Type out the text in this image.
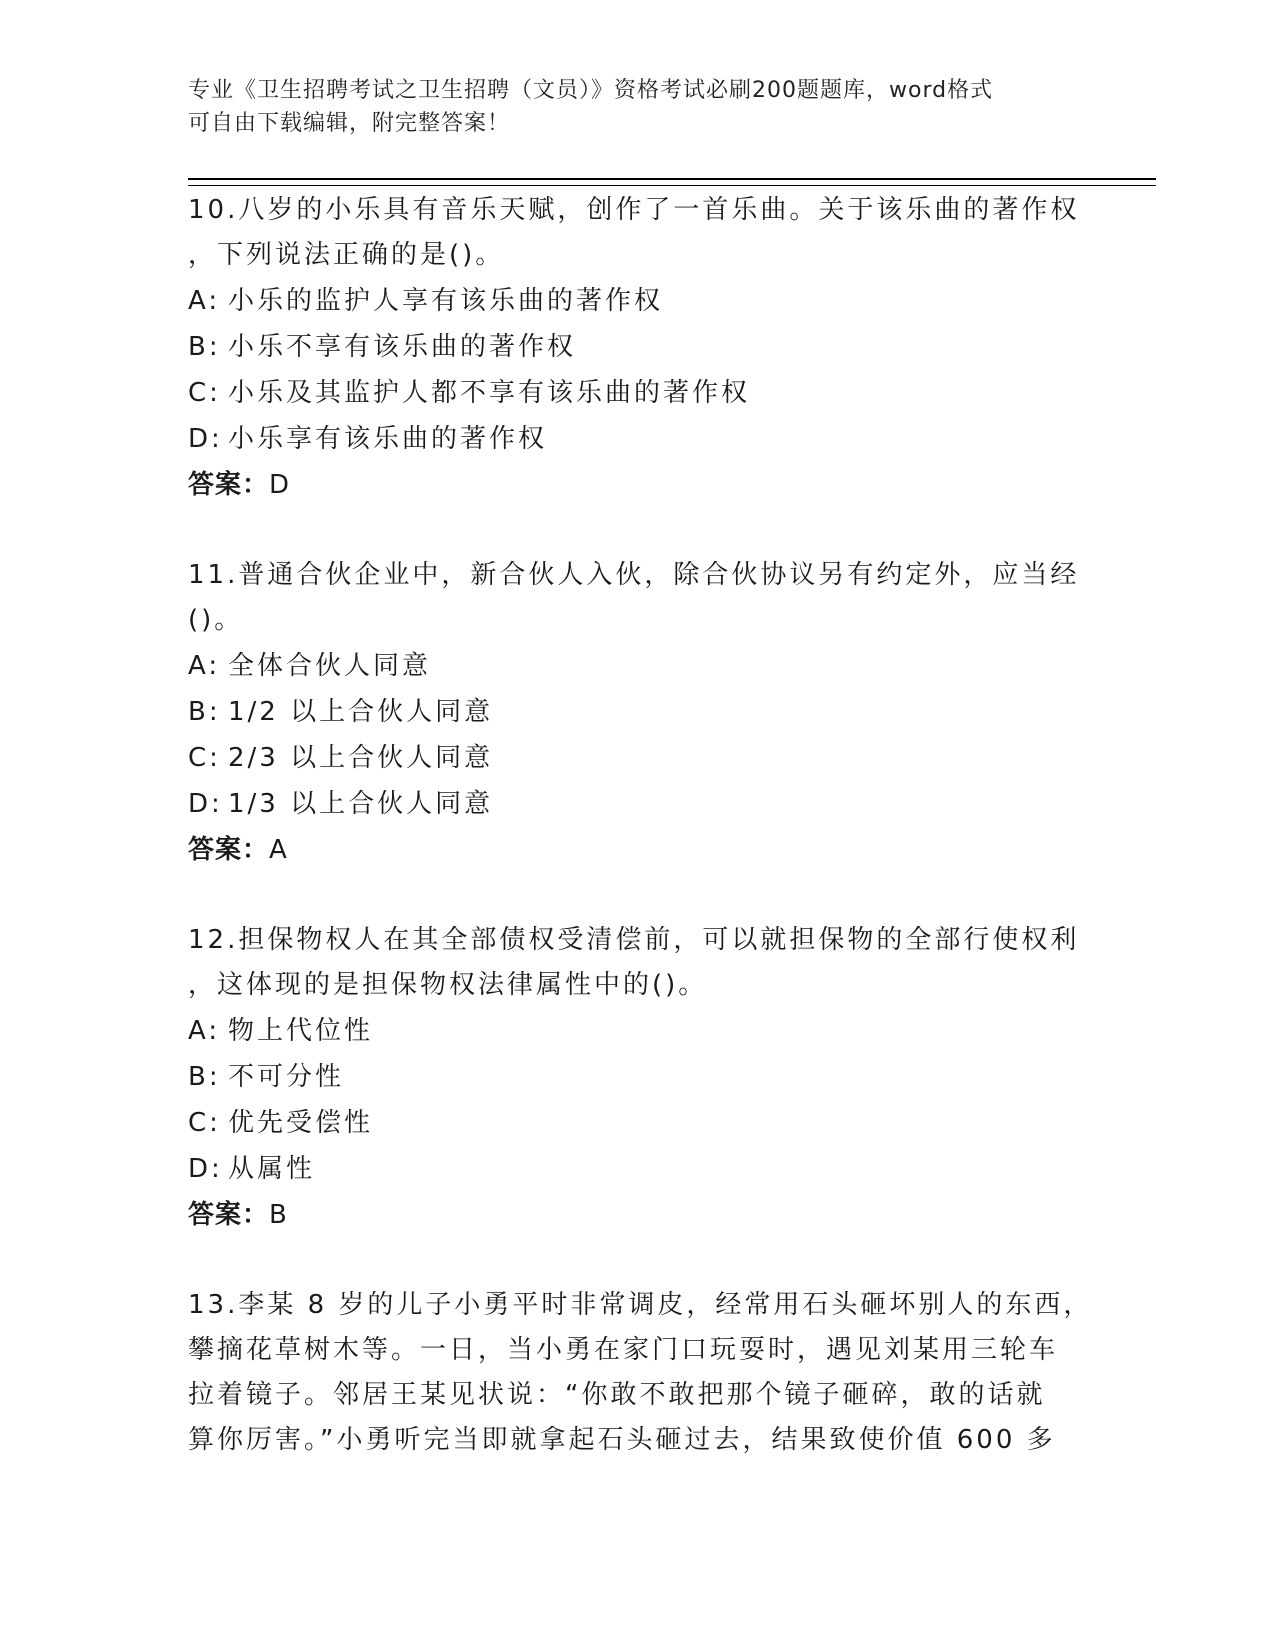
专业《卫生招聘考试之卫生招聘（文员）》资格考试必刷200题题库，word格式
可自由下载编辑，附完整答案！
10.八岁的小乐具有音乐天赋，创作了一首乐曲。关于该乐曲的著作权
，下列说法正确的是()。
A: 小乐的监护人享有该乐曲的著作权
B: 小乐不享有该乐曲的著作权
C: 小乐及其监护人都不享有该乐曲的著作权
D: 小乐享有该乐曲的著作权
答案：D
11.普通合伙企业中，新合伙人入伙，除合伙协议另有约定外，应当经
()。
A: 全体合伙人同意
B: 1/2 以上合伙人同意
C: 2/3 以上合伙人同意
D: 1/3 以上合伙人同意
答案：A
12.担保物权人在其全部债权受清偿前，可以就担保物的全部行使权利
，这体现的是担保物权法律属性中的()。
A: 物上代位性
B: 不可分性
C: 优先受偿性
D: 从属性
答案：B
13.李某 8 岁的儿子小勇平时非常调皮，经常用石头砸坏别人的东西，
攀摘花草树木等。一日，当小勇在家门口玩耍时，遇见刘某用三轮车
拉着镜子。邻居王某见状说：“你敢不敢把那个镜子砸碎，敢的话就
算你厉害。”小勇听完当即就拿起石头砸过去，结果致使价值 600 多
